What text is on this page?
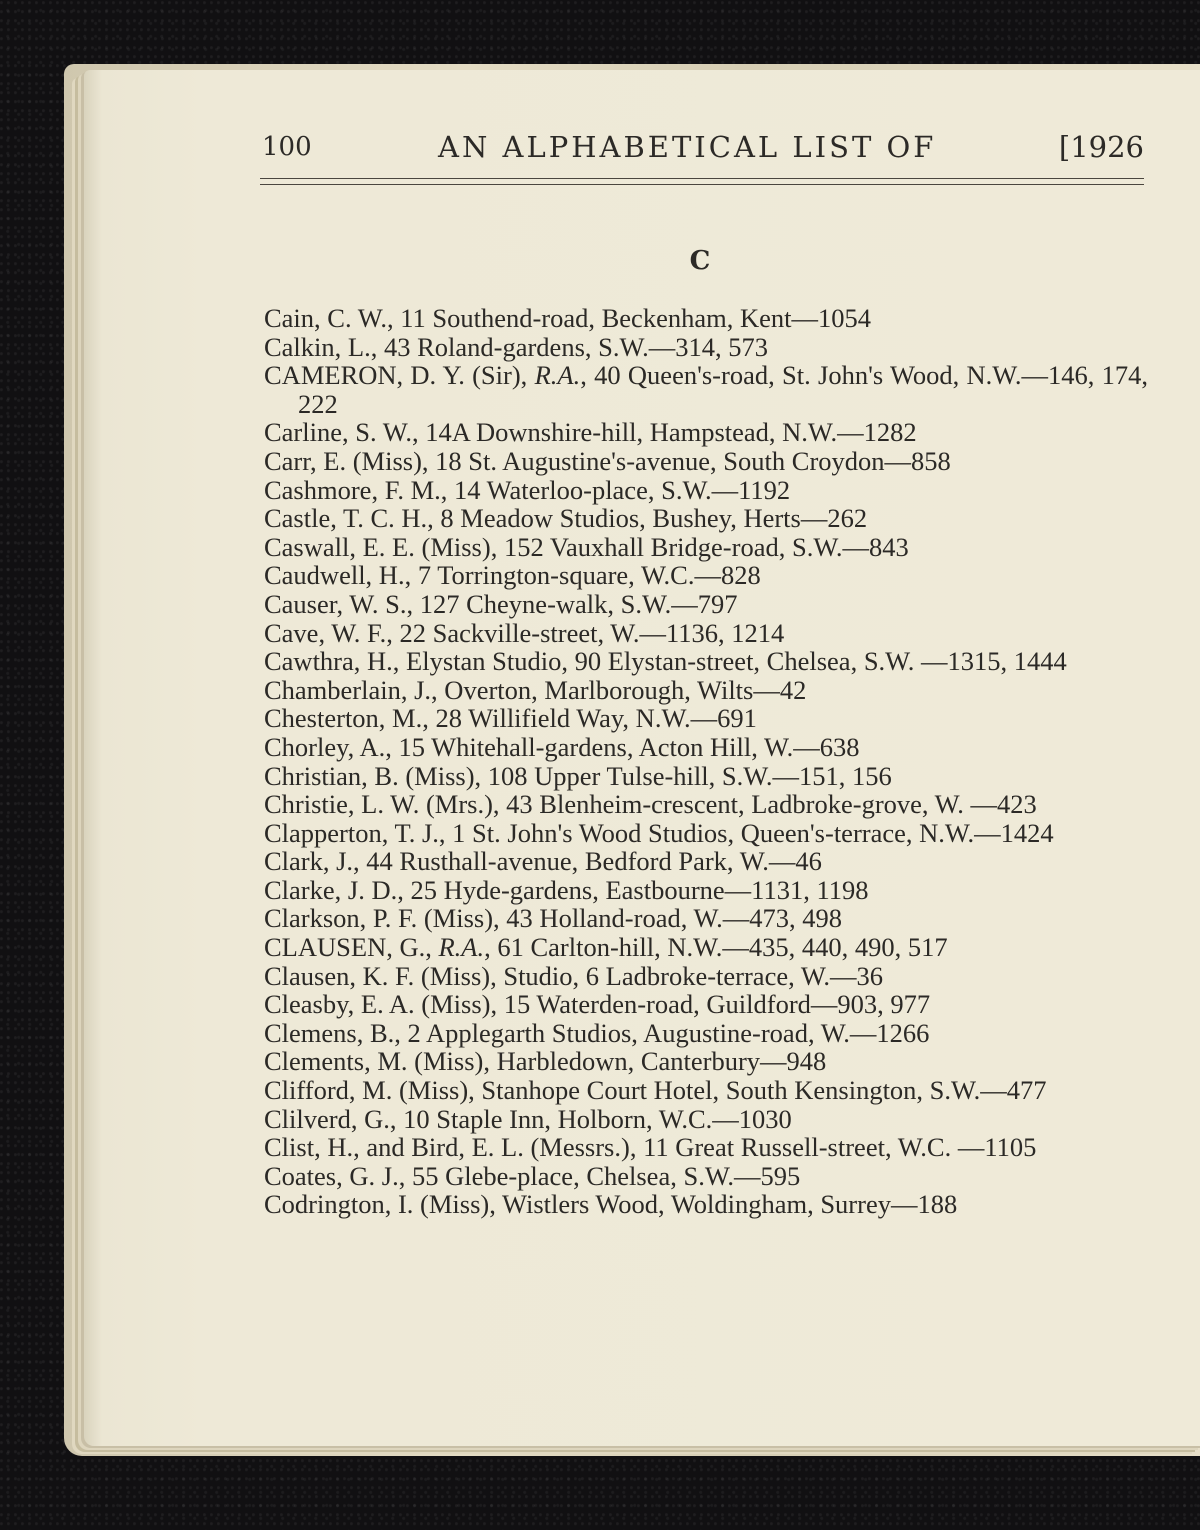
100	AN ALPHABETICAL LIST OF	[1926
C
Cain, C. W., 11 Southend-road, Beckenham, Kent—1054
Calkin, L., 43 Roland-gardens, S.W.—314, 573
CAMERON, D. Y. (Sir), R.A., 40 Queen's-road, St. John's Wood, N.W.—146, 174, 222
Carline, S. W., 14A Downshire-hill, Hampstead, N.W.—1282
Carr, E. (Miss), 18 St. Augustine's-avenue, South Croydon—858
Cashmore, F. M., 14 Waterloo-place, S.W.—1192
Castle, T. C. H., 8 Meadow Studios, Bushey, Herts—262
Caswall, E. E. (Miss), 152 Vauxhall Bridge-road, S.W.—843
Caudwell, H., 7 Torrington-square, W.C.—828
Causer, W. S., 127 Cheyne-walk, S.W.—797
Cave, W. F., 22 Sackville-street, W.—1136, 1214
Cawthra, H., Elystan Studio, 90 Elystan-street, Chelsea, S.W. —1315, 1444
Chamberlain, J., Overton, Marlborough, Wilts—42
Chesterton, M., 28 Willifield Way, N.W.—691
Chorley, A., 15 Whitehall-gardens, Acton Hill, W.—638
Christian, B. (Miss), 108 Upper Tulse-hill, S.W.—151, 156
Christie, L. W. (Mrs.), 43 Blenheim-crescent, Ladbroke-grove, W. —423
Clapperton, T. J., 1 St. John's Wood Studios, Queen's-terrace, N.W.—1424
Clark, J., 44 Rusthall-avenue, Bedford Park, W.—46
Clarke, J. D., 25 Hyde-gardens, Eastbourne—1131, 1198
Clarkson, P. F. (Miss), 43 Holland-road, W.—473, 498
CLAUSEN, G., R.A., 61 Carlton-hill, N.W.—435, 440, 490, 517
Clausen, K. F. (Miss), Studio, 6 Ladbroke-terrace, W.—36
Cleasby, E. A. (Miss), 15 Waterden-road, Guildford—903, 977
Clemens, B., 2 Applegarth Studios, Augustine-road, W.—1266
Clements, M. (Miss), Harbledown, Canterbury—948
Clifford, M. (Miss), Stanhope Court Hotel, South Kensington, S.W.—477
Clilverd, G., 10 Staple Inn, Holborn, W.C.—1030
Clist, H., and Bird, E. L. (Messrs.), 11 Great Russell-street, W.C. —1105
Coates, G. J., 55 Glebe-place, Chelsea, S.W.—595
Codrington, I. (Miss), Wistlers Wood, Woldingham, Surrey—188
